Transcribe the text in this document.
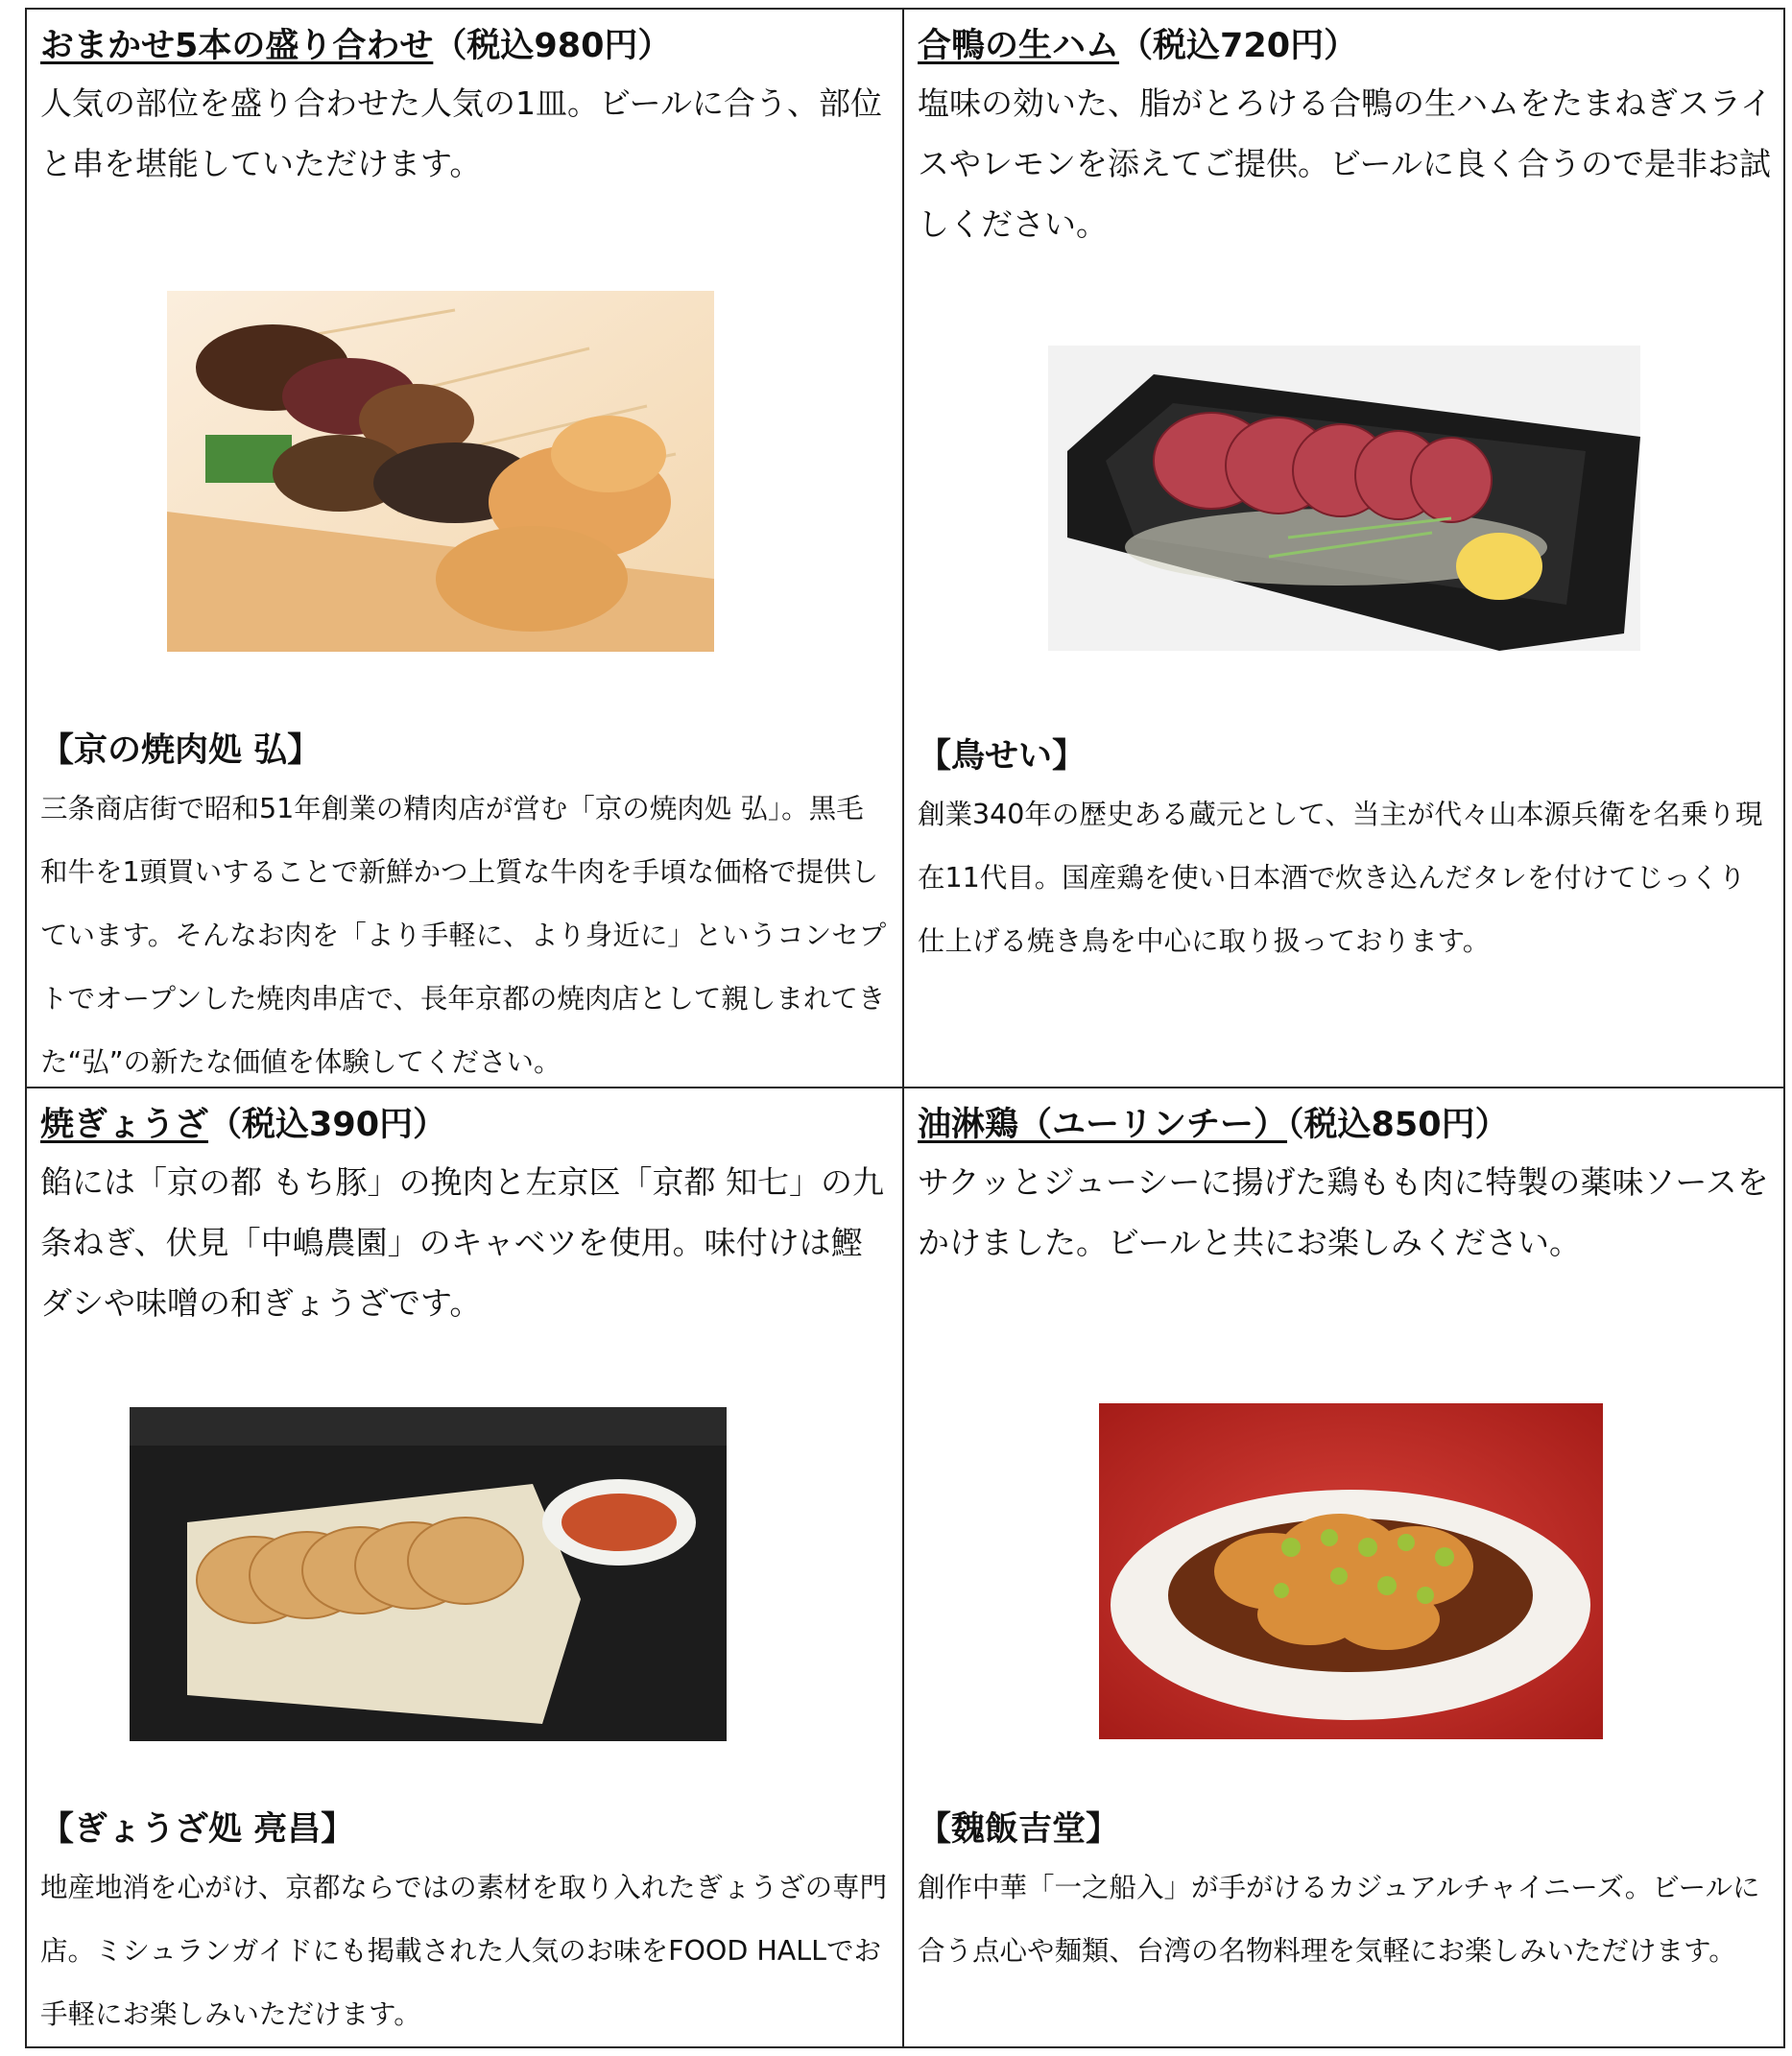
おまかせ5本の盛り合わせ（税込980円）
人気の部位を盛り合わせた人気の1皿。ビールに合う、部位と串を堪能していただけます。
【京の焼肉処 弘】
三条商店街で昭和51年創業の精肉店が営む「京の焼肉処 弘」。黒毛和牛を1頭買いすることで新鮮かつ上質な牛肉を手頃な価格で提供しています。そんなお肉を「より手軽に、より身近に」というコンセプトでオープンした焼肉串店で、長年京都の焼肉店として親しまれてきた“弘”の新たな価値を体験してください。
合鴨の生ハム（税込720円）
塩味の効いた、脂がとろける合鴨の生ハムをたまねぎスライスやレモンを添えてご提供。ビールに良く合うので是非お試しください。
【鳥せい】
創業340年の歴史ある蔵元として、当主が代々山本源兵衛を名乗り現在11代目。国産鶏を使い日本酒で炊き込んだタレを付けてじっくり仕上げる焼き鳥を中心に取り扱っております。
焼ぎょうざ（税込390円）
餡には「京の都 もち豚」の挽肉と左京区「京都 知七」の九条ねぎ、伏見「中嶋農園」のキャベツを使用。味付けは鰹ダシや味噌の和ぎょうざです。
【ぎょうざ処 亮昌】
地産地消を心がけ、京都ならではの素材を取り入れたぎょうざの専門店。ミシュランガイドにも掲載された人気のお味をFOOD HALLでお手軽にお楽しみいただけます。
油淋鶏（ユーリンチー）（税込850円）
サクッとジューシーに揚げた鶏もも肉に特製の薬味ソースをかけました。ビールと共にお楽しみください。
【魏飯吉堂】
創作中華「一之船入」が手がけるカジュアルチャイニーズ。ビールに合う点心や麺類、台湾の名物料理を気軽にお楽しみいただけます。
